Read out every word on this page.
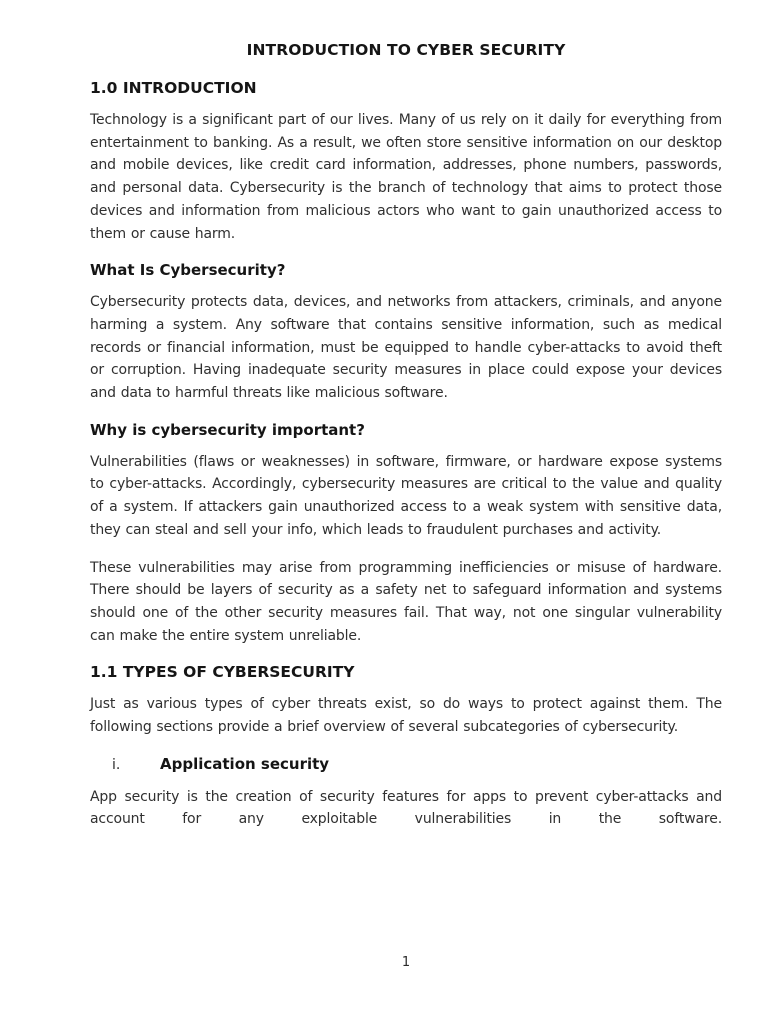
INTRODUCTION TO CYBER SECURITY
1.0 INTRODUCTION

Technology is a significant part of our lives. Many of us rely on it daily for everything from entertainment to banking. As a result, we often store sensitive information on our desktop and mobile devices, like credit card information, addresses, phone numbers, passwords, and personal data. Cybersecurity is the branch of technology that aims to protect those devices and information from malicious actors who want to gain unauthorized access to them or cause harm.

What Is Cybersecurity?

Cybersecurity protects data, devices, and networks from attackers, criminals, and anyone harming a system. Any software that contains sensitive information, such as medical records or financial information, must be equipped to handle cyber-attacks to avoid theft or corruption. Having inadequate security measures in place could expose your devices and data to harmful threats like malicious software.

Why is cybersecurity important?

Vulnerabilities (flaws or weaknesses) in software, firmware, or hardware expose systems to cyber-attacks. Accordingly, cybersecurity measures are critical to the value and quality of a system. If attackers gain unauthorized access to a weak system with sensitive data, they can steal and sell your info, which leads to fraudulent purchases and activity.

These vulnerabilities may arise from programming inefficiencies or misuse of hardware. There should be layers of security as a safety net to safeguard information and systems should one of the other security measures fail. That way, not one singular vulnerability can make the entire system unreliable.

1.1 TYPES OF CYBERSECURITY

Just as various types of cyber threats exist, so do ways to protect against them. The following sections provide a brief overview of several subcategories of cybersecurity.

i.	Application security

App security is the creation of security features for apps to prevent cyber-attacks and account for any exploitable vulnerabilities in the software.

1
